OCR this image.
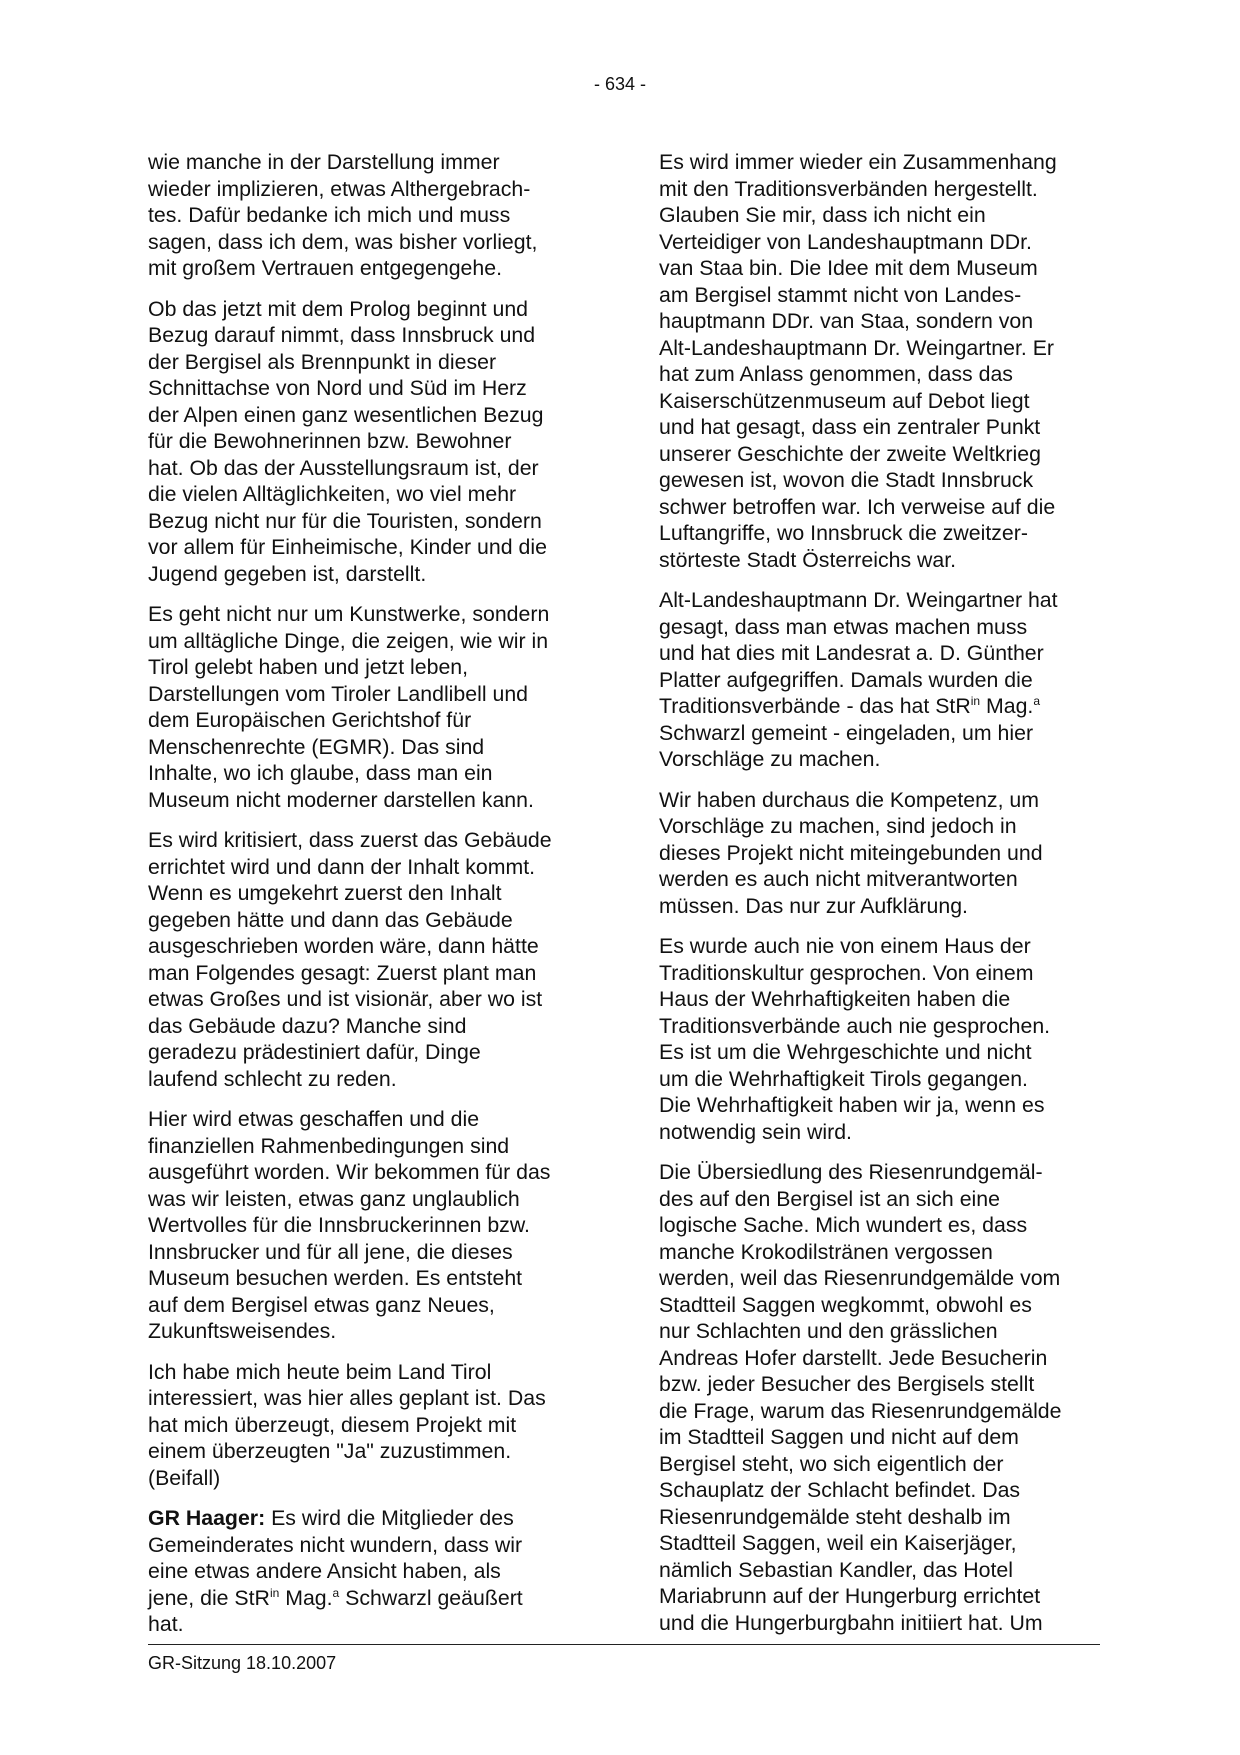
- 634 -

wie manche in der Darstellung immer
wieder implizieren, etwas Althergebrach-
tes. Dafür bedanke ich mich und muss
sagen, dass ich dem, was bisher vorliegt,
mit großem Vertrauen entgegengehe.

Ob das jetzt mit dem Prolog beginnt und
Bezug darauf nimmt, dass Innsbruck und
der Bergisel als Brennpunkt in dieser
Schnittachse von Nord und Süd im Herz
der Alpen einen ganz wesentlichen Bezug
für die Bewohnerinnen bzw. Bewohner
hat. Ob das der Ausstellungsraum ist, der
die vielen Alltäglichkeiten, wo viel mehr
Bezug nicht nur für die Touristen, sondern
vor allem für Einheimische, Kinder und die
Jugend gegeben ist, darstellt.

Es geht nicht nur um Kunstwerke, sondern
um alltägliche Dinge, die zeigen, wie wir in
Tirol gelebt haben und jetzt leben,
Darstellungen vom Tiroler Landlibell und
dem Europäischen Gerichtshof für
Menschenrechte (EGMR). Das sind
Inhalte, wo ich glaube, dass man ein
Museum nicht moderner darstellen kann.

Es wird kritisiert, dass zuerst das Gebäude
errichtet wird und dann der Inhalt kommt.
Wenn es umgekehrt zuerst den Inhalt
gegeben hätte und dann das Gebäude
ausgeschrieben worden wäre, dann hätte
man Folgendes gesagt: Zuerst plant man
etwas Großes und ist visionär, aber wo ist
das Gebäude dazu? Manche sind
geradezu prädestiniert dafür, Dinge
laufend schlecht zu reden.

Hier wird etwas geschaffen und die
finanziellen Rahmenbedingungen sind
ausgeführt worden. Wir bekommen für das
was wir leisten, etwas ganz unglaublich
Wertvolles für die Innsbruckerinnen bzw.
Innsbrucker und für all jene, die dieses
Museum besuchen werden. Es entsteht
auf dem Bergisel etwas ganz Neues,
Zukunftsweisendes.

Ich habe mich heute beim Land Tirol
interessiert, was hier alles geplant ist. Das
hat mich überzeugt, diesem Projekt mit
einem überzeugten "Ja" zuzustimmen.
(Beifall)

GR Haager: Es wird die Mitglieder des
Gemeinderates nicht wundern, dass wir
eine etwas andere Ansicht haben, als
jene, die StR$^{in}$ Mag.$^a$ Schwarzl geäußert
hat.

Es wird immer wieder ein Zusammenhang
mit den Traditionsverbänden hergestellt.
Glauben Sie mir, dass ich nicht ein
Verteidiger von Landeshauptmann DDr.
van Staa bin. Die Idee mit dem Museum
am Bergisel stammt nicht von Landes-
hauptmann DDr. van Staa, sondern von
Alt-Landeshauptmann Dr. Weingartner. Er
hat zum Anlass genommen, dass das
Kaiserschützenmuseum auf Debot liegt
und hat gesagt, dass ein zentraler Punkt
unserer Geschichte der zweite Weltkrieg
gewesen ist, wovon die Stadt Innsbruck
schwer betroffen war. Ich verweise auf die
Luftangriffe, wo Innsbruck die zweitzer-
störteste Stadt Österreichs war.

Alt-Landeshauptmann Dr. Weingartner hat
gesagt, dass man etwas machen muss
und hat dies mit Landesrat a. D. Günther
Platter aufgegriffen. Damals wurden die
Traditionsverbände - das hat StR$^{in}$ Mag.$^a$
Schwarzl gemeint - eingeladen, um hier
Vorschläge zu machen.

Wir haben durchaus die Kompetenz, um
Vorschläge zu machen, sind jedoch in
dieses Projekt nicht miteingebunden und
werden es auch nicht mitverantworten
müssen. Das nur zur Aufklärung.

Es wurde auch nie von einem Haus der
Traditionskultur gesprochen. Von einem
Haus der Wehrhaftigkeiten haben die
Traditionsverbände auch nie gesprochen.
Es ist um die Wehrgeschichte und nicht
um die Wehrhaftigkeit Tirols gegangen.
Die Wehrhaftigkeit haben wir ja, wenn es
notwendig sein wird.

Die Übersiedlung des Riesenrundgemäl-
des auf den Bergisel ist an sich eine
logische Sache. Mich wundert es, dass
manche Krokodilstränen vergossen
werden, weil das Riesenrundgemälde vom
Stadtteil Saggen wegkommt, obwohl es
nur Schlachten und den grässlichen
Andreas Hofer darstellt. Jede Besucherin
bzw. jeder Besucher des Bergisels stellt
die Frage, warum das Riesenrundgemälde
im Stadtteil Saggen und nicht auf dem
Bergisel steht, wo sich eigentlich der
Schauplatz der Schlacht befindet. Das
Riesenrundgemälde steht deshalb im
Stadtteil Saggen, weil ein Kaiserjäger,
nämlich Sebastian Kandler, das Hotel
Mariabrunn auf der Hungerburg errichtet
und die Hungerburgbahn initiiert hat. Um

GR-Sitzung 18.10.2007
